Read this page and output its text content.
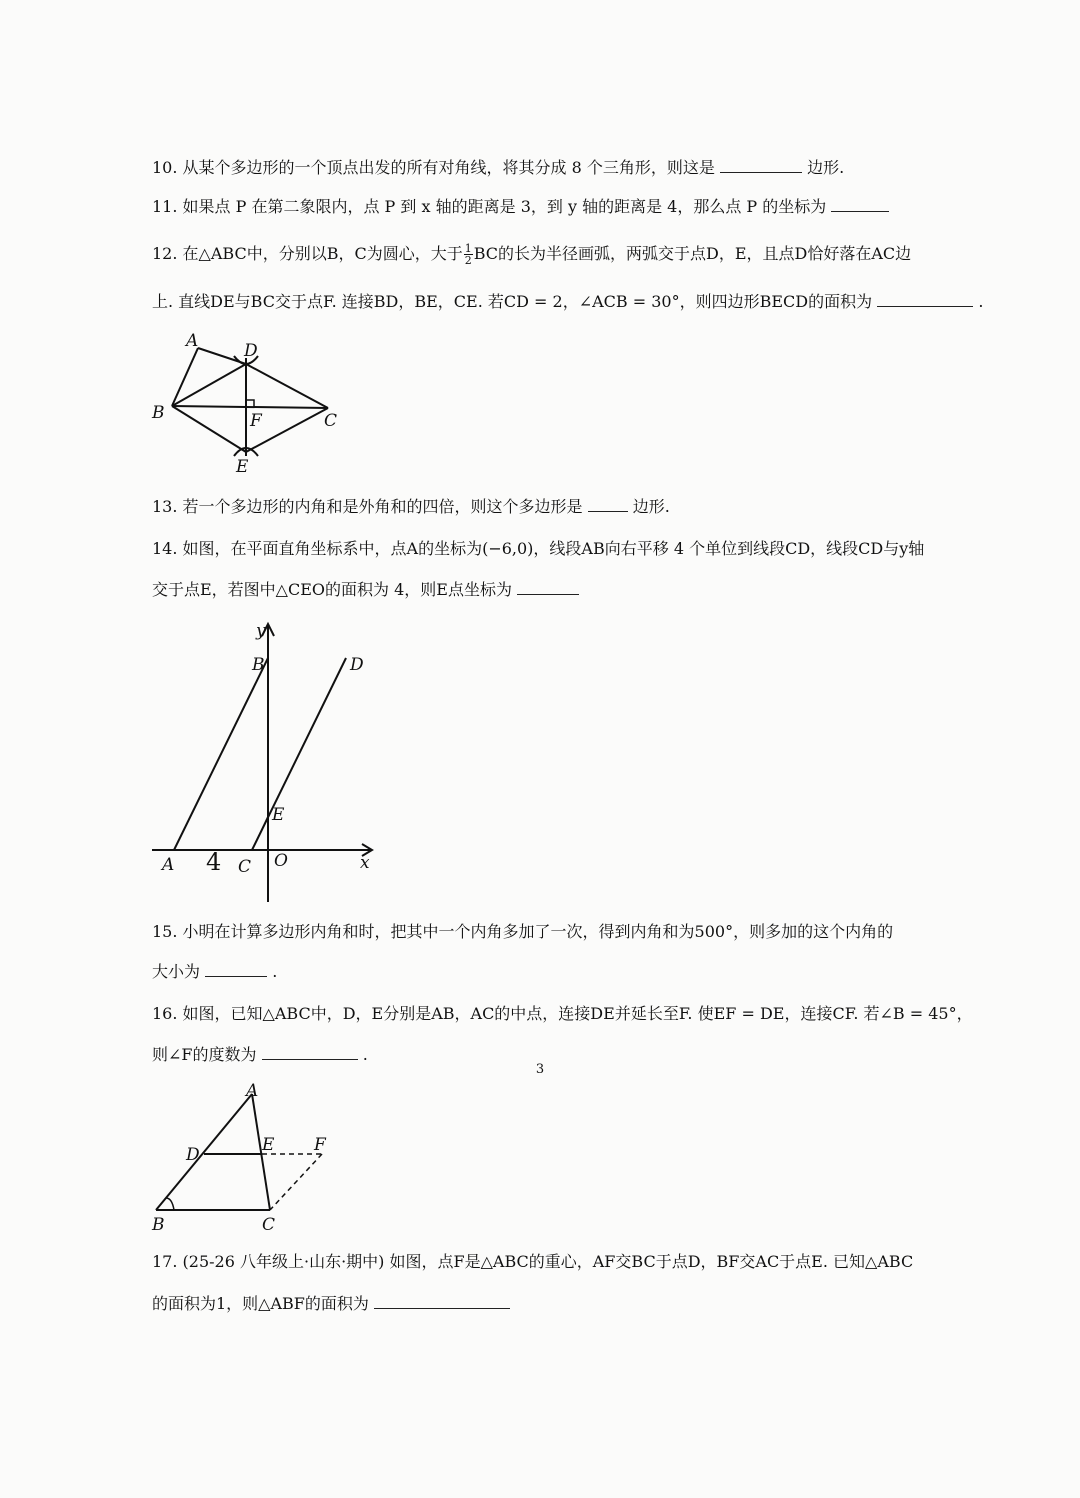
10. 从某个多边形的一个顶点出发的所有对角线，将其分成 8 个三角形，则这是	边形.
11. 如果点 P 在第二象限内，点 P 到 x 轴的距离是 3，到 y 轴的距离是 4，那么点 P 的坐标为
12. 在△ABC中，分别以B，C为圆心，大于 $\frac{1}{2}$ BC的长为半径画弧，两弧交于点D，E，且点D恰好落在AC边
上. 直线DE与BC交于点F. 连接BD，BE，CE. 若CD = 2，∠ACB = 30°，则四边形BECD的面积为	.
A	D
B	F	C
E
13. 若一个多边形的内角和是外角和的四倍，则这个多边形是	边形.
14. 如图，在平面直角坐标系中，点A的坐标为(−6,0)，线段AB向右平移 4 个单位到线段CD，线段CD与y轴
交于点E，若图中△CEO的面积为 4，则E点坐标为
y
B	D
E
A	C O	x
4
15. 小明在计算多边形内角和时，把其中一个内角多加了一次，得到内角和为500°，则多加的这个内角的
大小为	.
16. 如图，已知△ABC中，D，E分别是AB，AC的中点，连接DE并延长至F. 使EF = DE，连接CF. 若∠B = 45°，
则∠F的度数为	.
A
D	E F
B	C
17. (25-26 八年级上·山东·期中) 如图，点F是△ABC的重心，AF交BC于点D，BF交AC于点E. 已知△ABC
的面积为1，则△ABF的面积为
3
